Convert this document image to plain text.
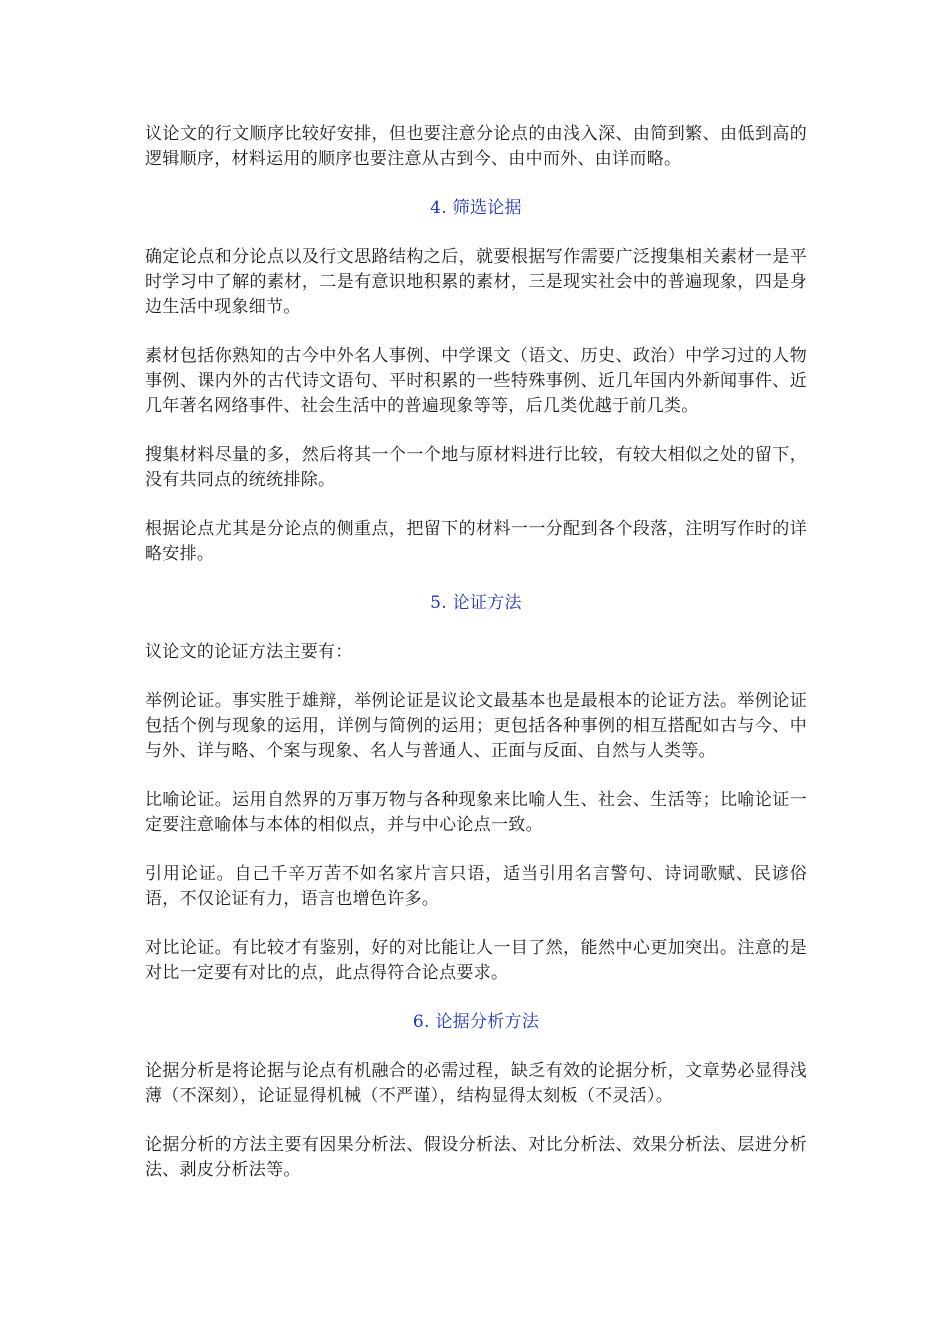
议论文的行文顺序比较好安排，但也要注意分论点的由浅入深、由简到繁、由低到高的逻辑顺序，材料运用的顺序也要注意从古到今、由中而外、由详而略。

4. 筛选论据

确定论点和分论点以及行文思路结构之后，就要根据写作需要广泛搜集相关素材一是平时学习中了解的素材，二是有意识地积累的素材，三是现实社会中的普遍现象，四是身边生活中现象细节。

素材包括你熟知的古今中外名人事例、中学课文（语文、历史、政治）中学习过的人物事例、课内外的古代诗文语句、平时积累的一些特殊事例、近几年国内外新闻事件、近几年著名网络事件、社会生活中的普遍现象等等，后几类优越于前几类。

搜集材料尽量的多，然后将其一个一个地与原材料进行比较，有较大相似之处的留下，没有共同点的统统排除。

根据论点尤其是分论点的侧重点，把留下的材料一一分配到各个段落，注明写作时的详略安排。

5. 论证方法

议论文的论证方法主要有：

举例论证。事实胜于雄辩，举例论证是议论文最基本也是最根本的论证方法。举例论证包括个例与现象的运用，详例与简例的运用；更包括各种事例的相互搭配如古与今、中与外、详与略、个案与现象、名人与普通人、正面与反面、自然与人类等。

比喻论证。运用自然界的万事万物与各种现象来比喻人生、社会、生活等；比喻论证一定要注意喻体与本体的相似点，并与中心论点一致。

引用论证。自己千辛万苦不如名家片言只语，适当引用名言警句、诗词歌赋、民谚俗语，不仅论证有力，语言也增色许多。

对比论证。有比较才有鉴别，好的对比能让人一目了然，能然中心更加突出。注意的是对比一定要有对比的点，此点得符合论点要求。

6. 论据分析方法

论据分析是将论据与论点有机融合的必需过程，缺乏有效的论据分析，文章势必显得浅薄（不深刻），论证显得机械（不严谨），结构显得太刻板（不灵活）。

论据分析的方法主要有因果分析法、假设分析法、对比分析法、效果分析法、层进分析法、剥皮分析法等。
